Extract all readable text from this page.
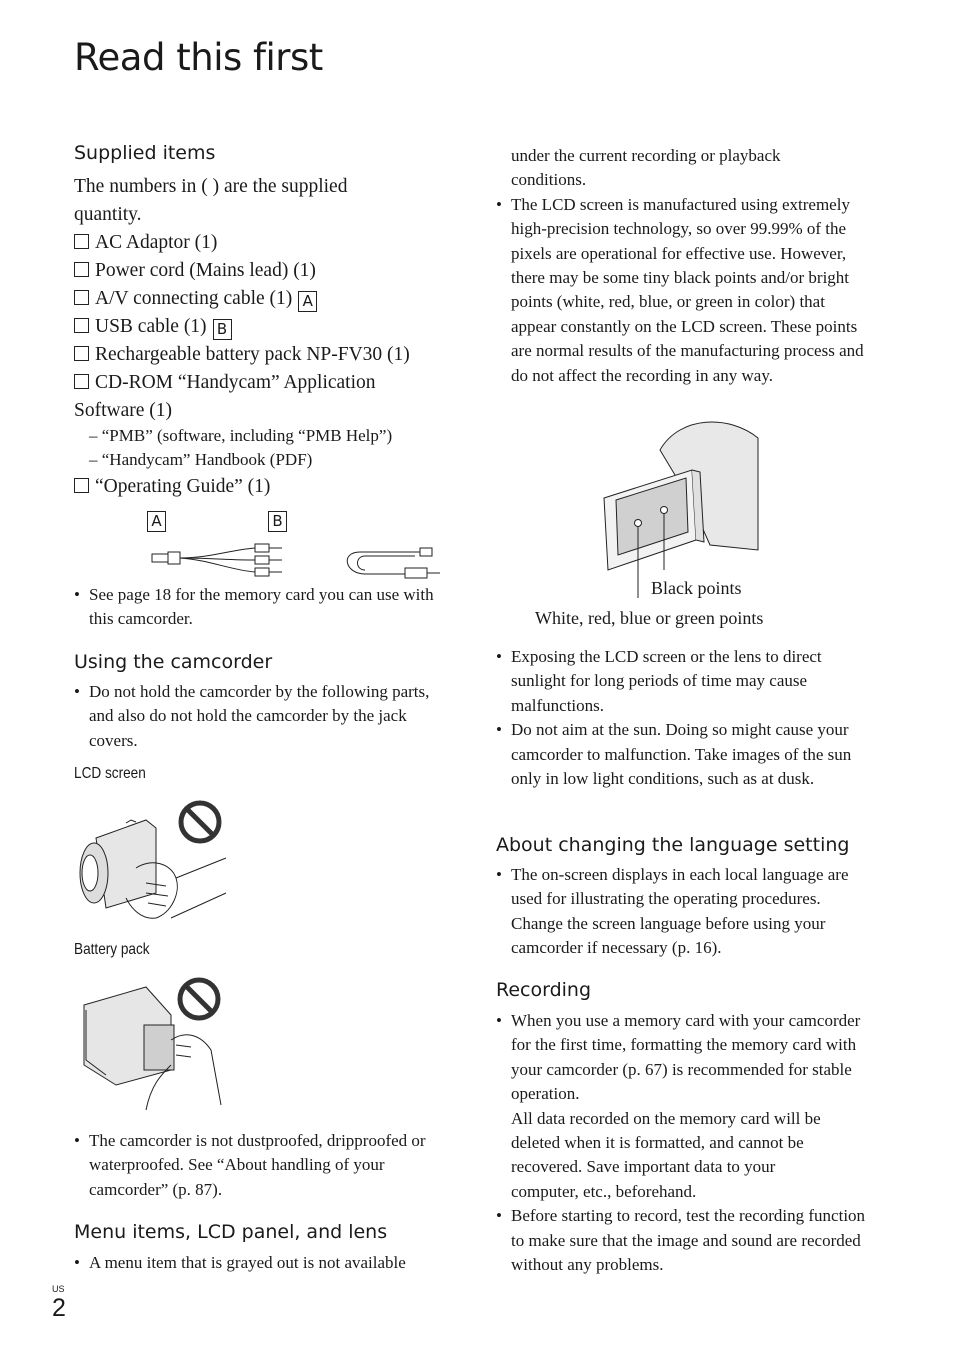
Read this first
Supplied items
The numbers in ( ) are the supplied quantity.
AC Adaptor (1)
Power cord (Mains lead) (1)
A/V connecting cable (1) A
USB cable (1) B
Rechargeable battery pack NP-FV30 (1)
CD-ROM “Handycam” Application Software (1)
– “PMB” (software, including “PMB Help”)
– “Handycam” Handbook (PDF)
“Operating Guide” (1)
A	B
• See page 18 for the memory card you can use with this camcorder.
Using the camcorder
• Do not hold the camcorder by the following parts, and also do not hold the camcorder by the jack covers.
LCD screen
Battery pack
• The camcorder is not dustproofed, dripproofed or waterproofed. See “About handling of your camcorder” (p. 87).
Menu items, LCD panel, and lens
• A menu item that is grayed out is not available
under the current recording or playback conditions.
• The LCD screen is manufactured using extremely high-precision technology, so over 99.99% of the pixels are operational for effective use. However, there may be some tiny black points and/or bright points (white, red, blue, or green in color) that appear constantly on the LCD screen. These points are normal results of the manufacturing process and do not affect the recording in any way.
Black points
White, red, blue or green points
• Exposing the LCD screen or the lens to direct sunlight for long periods of time may cause malfunctions.
• Do not aim at the sun. Doing so might cause your camcorder to malfunction. Take images of the sun only in low light conditions, such as at dusk.
About changing the language setting
• The on-screen displays in each local language are used for illustrating the operating procedures. Change the screen language before using your camcorder if necessary (p. 16).
Recording
• When you use a memory card with your camcorder for the first time, formatting the memory card with your camcorder (p. 67) is recommended for stable operation.
All data recorded on the memory card will be deleted when it is formatted, and cannot be recovered. Save important data to your computer, etc., beforehand.
• Before starting to record, test the recording function to make sure that the image and sound are recorded without any problems.
US
2
